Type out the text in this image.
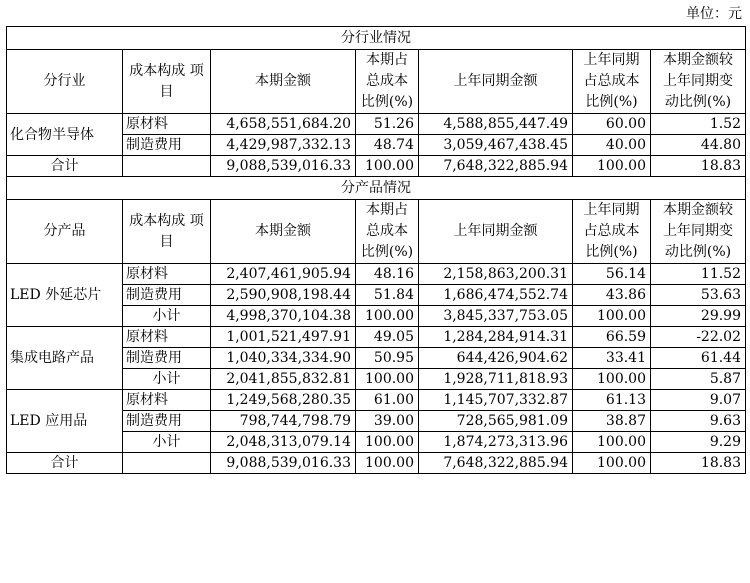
单位：元
分行业情况						
分行业	成本构成 项目	本期金额	本期占 总成本 比例(%)	上年同期金额	上年同期 占总成本 比例(%)	本期金额较 上年同期变 动比例(%)
化合物半导体	原材料	4,658,551,684.20	51.26	4,588,855,447.49	60.00	1.52
	制造费用	4,429,987,332.13	48.74	3,059,467,438.45	40.00	44.80
合计		9,088,539,016.33	100.00	7,648,322,885.94	100.00	18.83
分产品情况						
分产品	成本构成 项目	本期金额	本期占 总成本 比例(%)	上年同期金额	上年同期 占总成本 比例(%)	本期金额较 上年同期变 动比例(%)
LED 外延芯片	原材料	2,407,461,905.94	48.16	2,158,863,200.31	56.14	11.52
	制造费用	2,590,908,198.44	51.84	1,686,474,552.74	43.86	53.63
	小计	4,998,370,104.38	100.00	3,845,337,753.05	100.00	29.99
集成电路产品	原材料	1,001,521,497.91	49.05	1,284,284,914.31	66.59	-22.02
	制造费用	1,040,334,334.90	50.95	644,426,904.62	33.41	61.44
	小计	2,041,855,832.81	100.00	1,928,711,818.93	100.00	5.87
LED 应用品	原材料	1,249,568,280.35	61.00	1,145,707,332.87	61.13	9.07
	制造费用	798,744,798.79	39.00	728,565,981.09	38.87	9.63
	小计	2,048,313,079.14	100.00	1,874,273,313.96	100.00	9.29
合计		9,088,539,016.33	100.00	7,648,322,885.94	100.00	18.83
